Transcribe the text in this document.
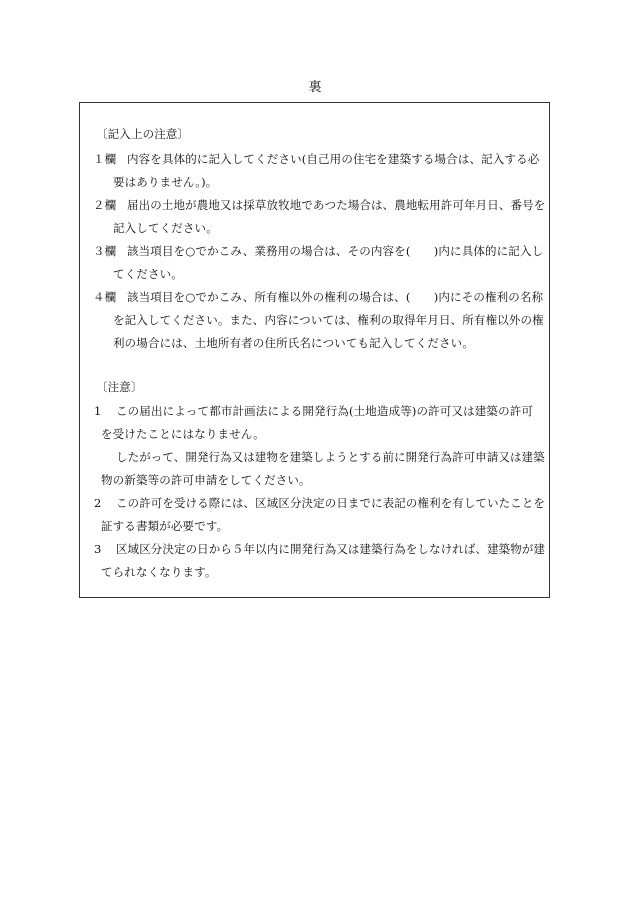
裏
〔記入上の注意〕
１欄 内容を具体的に記入してください(自己用の住宅を建築する場合は、記入する必
要はありません。)。
２欄 届出の土地が農地又は採草放牧地であつた場合は、農地転用許可年月日、番号を
記入してください。
３欄 該当項目を○でかこみ、業務用の場合は、その内容を(　　)内に具体的に記入し
てください。
４欄 該当項目を○でかこみ、所有権以外の権利の場合は、(　　)内にその権利の名称
を記入してください。また、内容については、権利の取得年月日、所有権以外の権
利の場合には、土地所有者の住所氏名についても記入してください。
〔注意〕
1 この届出によって都市計画法による開発行為(土地造成等)の許可又は建築の許可
を受けたことにはなりません。
したがって、開発行為又は建物を建築しようとする前に開発行為許可申請又は建築
物の新築等の許可申請をしてください。
2 この許可を受ける際には、区域区分決定の日までに表記の権利を有していたことを
証する書類が必要です。
3 区域区分決定の日から５年以内に開発行為又は建築行為をしなければ、建築物が建
てられなくなります。
